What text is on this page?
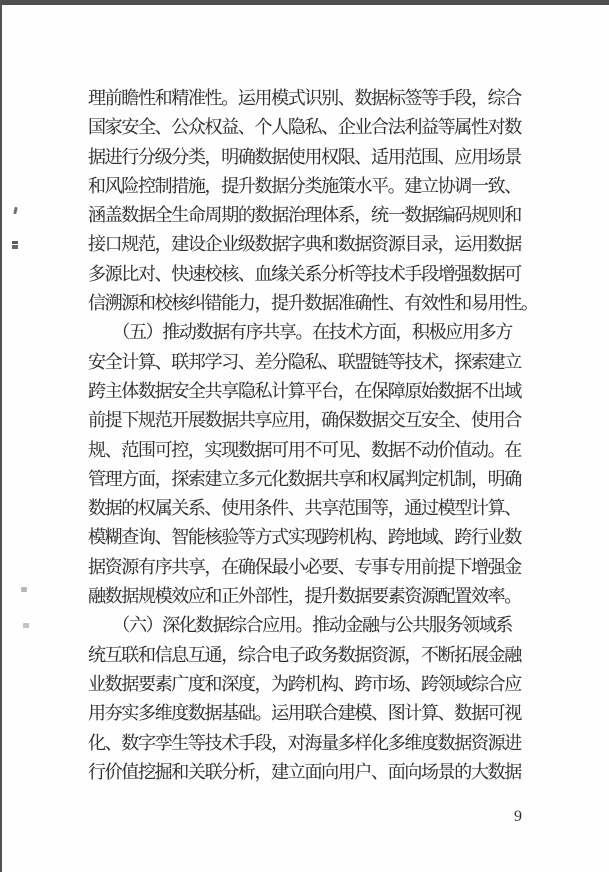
理前瞻性和精准性。运用模式识别、数据标签等手段，综合
国家安全、公众权益、个人隐私、企业合法利益等属性对数
据进行分级分类，明确数据使用权限、适用范围、应用场景
和风险控制措施，提升数据分类施策水平。建立协调一致、
涵盖数据全生命周期的数据治理体系，统一数据编码规则和
接口规范，建设企业级数据字典和数据资源目录，运用数据
多源比对、快速校核、血缘关系分析等技术手段增强数据可
信溯源和校核纠错能力，提升数据准确性、有效性和易用性。
　　（五）推动数据有序共享。在技术方面，积极应用多方
安全计算、联邦学习、差分隐私、联盟链等技术，探索建立
跨主体数据安全共享隐私计算平台，在保障原始数据不出域
前提下规范开展数据共享应用，确保数据交互安全、使用合
规、范围可控，实现数据可用不可见、数据不动价值动。在
管理方面，探索建立多元化数据共享和权属判定机制，明确
数据的权属关系、使用条件、共享范围等，通过模型计算、
模糊查询、智能核验等方式实现跨机构、跨地域、跨行业数
据资源有序共享，在确保最小必要、专事专用前提下增强金
融数据规模效应和正外部性，提升数据要素资源配置效率。
　　（六）深化数据综合应用。推动金融与公共服务领域系
统互联和信息互通，综合电子政务数据资源，不断拓展金融
业数据要素广度和深度，为跨机构、跨市场、跨领域综合应
用夯实多维度数据基础。运用联合建模、图计算、数据可视
化、数字孪生等技术手段，对海量多样化多维度数据资源进
行价值挖掘和关联分析，建立面向用户、面向场景的大数据
9
